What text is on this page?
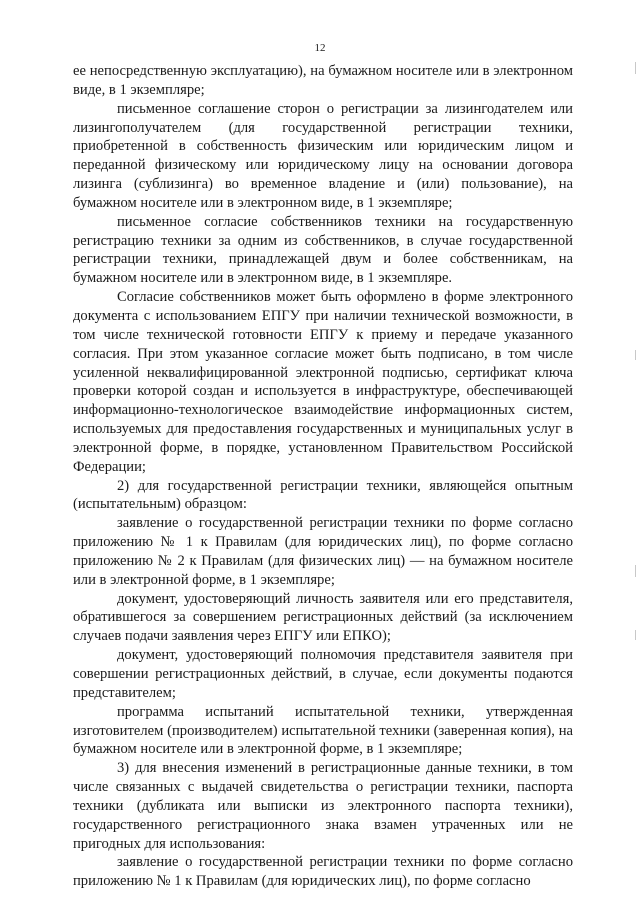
12

ее непосредственную эксплуатацию), на бумажном носителе или в электронном виде, в 1 экземпляре;

письменное соглашение сторон о регистрации за лизингодателем или лизингополучателем (для государственной регистрации техники, приобретенной в собственность физическим или юридическим лицом и переданной физическому или юридическому лицу на основании договора лизинга (сублизинга) во временное владение и (или) пользование), на бумажном носителе или в электронном виде, в 1 экземпляре;

письменное согласие собственников техники на государственную регистрацию техники за одним из собственников, в случае государственной регистрации техники, принадлежащей двум и более собственникам, на бумажном носителе или в электронном виде, в 1 экземпляре.

Согласие собственников может быть оформлено в форме электронного документа с использованием ЕПГУ при наличии технической возможности, в том числе технической готовности ЕПГУ к приему и передаче указанного согласия. При этом указанное согласие может быть подписано, в том числе усиленной неквалифицированной электронной подписью, сертификат ключа проверки которой создан и используется в инфраструктуре, обеспечивающей информационно-технологическое взаимодействие информационных систем, используемых для предоставления государственных и муниципальных услуг в электронной форме, в порядке, установленном Правительством Российской Федерации;

2) для государственной регистрации техники, являющейся опытным (испытательным) образцом:

заявление о государственной регистрации техники по форме согласно приложению № 1 к Правилам (для юридических лиц), по форме согласно приложению № 2 к Правилам (для физических лиц) — на бумажном носителе или в электронной форме, в 1 экземпляре;

документ, удостоверяющий личность заявителя или его представителя, обратившегося за совершением регистрационных действий (за исключением случаев подачи заявления через ЕПГУ или ЕПКО);

документ, удостоверяющий полномочия представителя заявителя при совершении регистрационных действий, в случае, если документы подаются представителем;

программа испытаний испытательной техники, утвержденная изготовителем (производителем) испытательной техники (заверенная копия), на бумажном носителе или в электронной форме, в 1 экземпляре;

3) для внесения изменений в регистрационные данные техники, в том числе связанных с выдачей свидетельства о регистрации техники, паспорта техники (дубликата или выписки из электронного паспорта техники), государственного регистрационного знака взамен утраченных или не пригодных для использования:

заявление о государственной регистрации техники по форме согласно приложению № 1 к Правилам (для юридических лиц), по форме согласно
